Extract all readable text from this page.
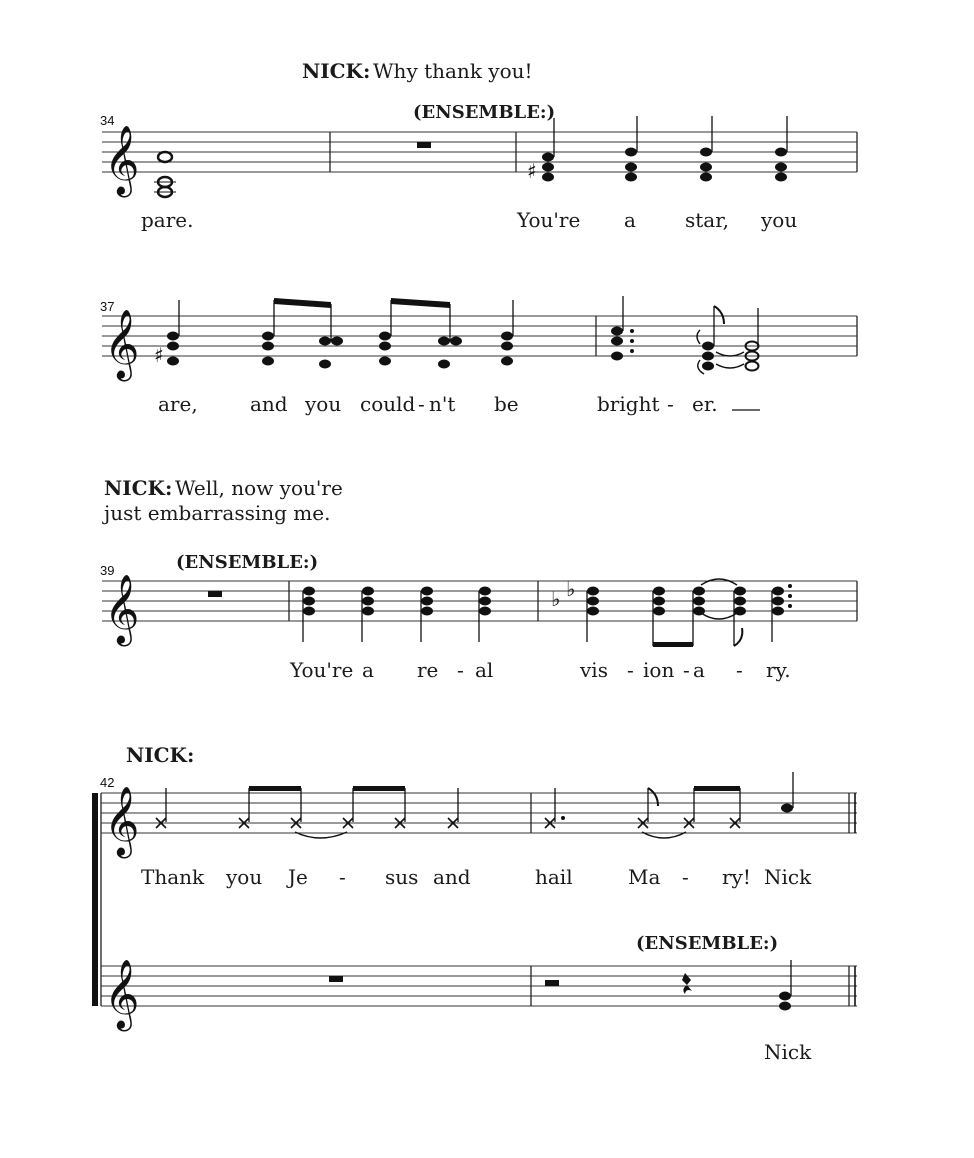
NICK: Why thank you!
34
𝄞
(ENSEMBLE:)
♯
pare.	You're a star, you
37
𝄞 ♯
are,	and you could - n't be	bright - er.
NICK: Well, now you're
just embarrassing me.
39	(ENSEMBLE:)
𝄞	♭ ♭
You're a re - al	vis - ion - a - ry.
NICK:
42
𝄞
Thank you Je - sus and	hail	Ma - ry! Nick
(ENSEMBLE:)
𝄞
Nick
